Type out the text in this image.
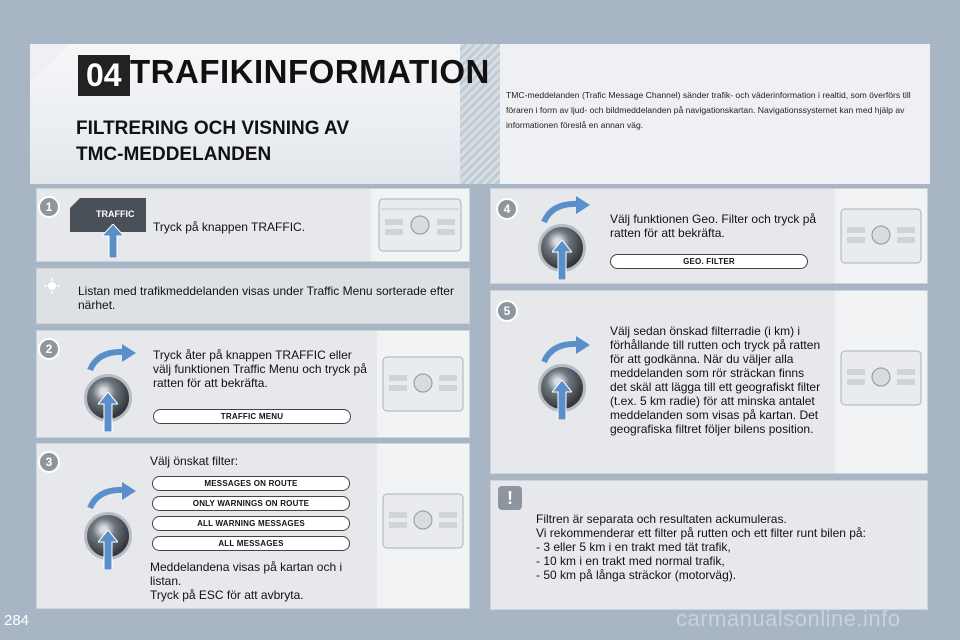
04 TRAFIKINFORMATION
FILTRERING OCH VISNING AV
TMC-MEDDELANDEN
TMC-meddelanden (Trafic Message Channel) sänder trafik- och väderinformation i realtid, som överförs till föraren i form av ljud- och bildmeddelanden på navigationskartan. Navigationssystemet kan med hjälp av informationen föreslå en annan väg.
1	TRAFFIC
Tryck på knappen TRAFFIC.
Listan med trafikmeddelanden visas under Traffic Menu sorterade efter närhet.
2	Tryck åter på knappen TRAFFIC eller välj funktionen Traffic Menu och tryck på ratten för att bekräfta.
TRAFFIC MENU
3	Välj önskat filter:
MESSAGES ON ROUTE
ONLY WARNINGS ON ROUTE
ALL WARNING MESSAGES
ALL MESSAGES
Meddelandena visas på kartan och i listan.
Tryck på ESC för att avbryta.
4
Välj funktionen Geo. Filter och tryck på ratten för att bekräfta.
GEO. FILTER
5
Välj sedan önskad filterradie (i km) i förhållande till rutten och tryck på ratten för att godkänna. När du väljer alla meddelanden som rör sträckan finns det skäl att lägga till ett geografiskt filter (t.ex. 5 km radie) för att minska antalet meddelanden som visas på kartan. Det geografiska filtret följer bilens position.
!
Filtren är separata och resultaten ackumuleras.
Vi rekommenderar ett filter på rutten och ett filter runt bilen på:
- 3 eller 5 km i en trakt med tät trafik,
- 10 km i en trakt med normal trafik,
- 50 km på långa sträckor (motorväg).
284	carmanualsonline.info
